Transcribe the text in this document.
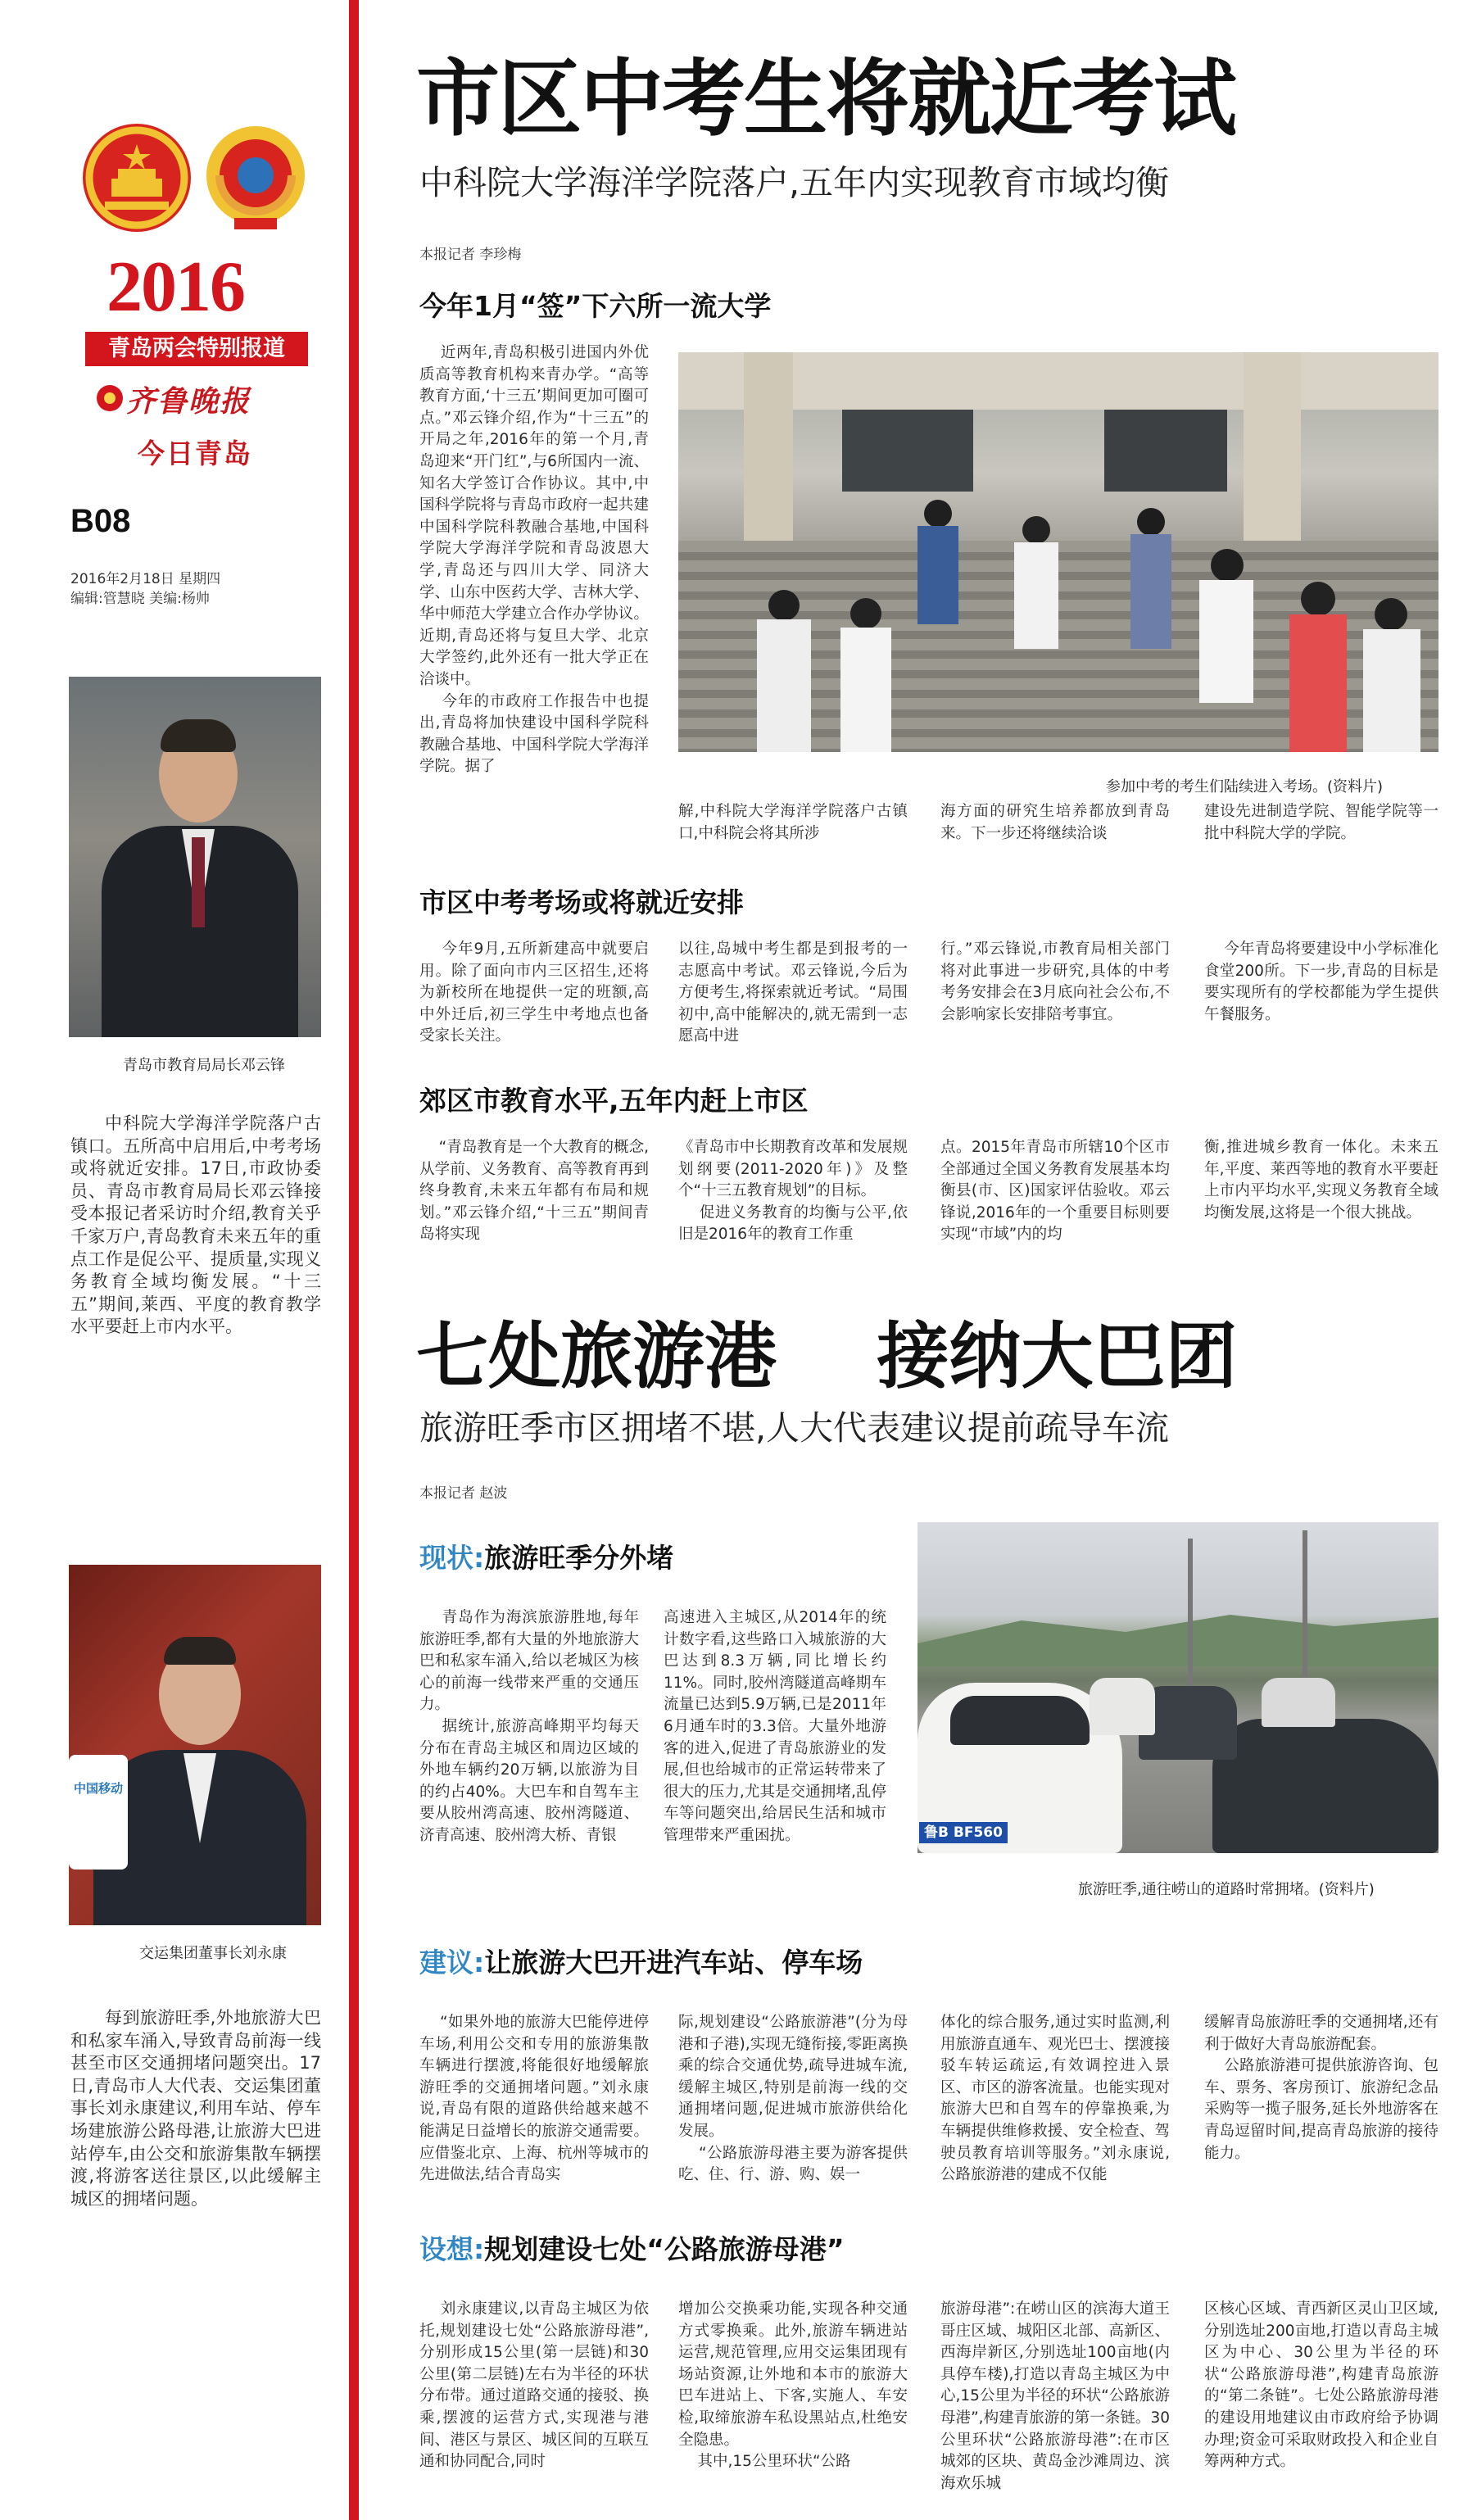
2016
青岛两会特别报道
齐鲁晚报
今日青岛
B08
2016年2月18日 星期四
编辑:管慧晓 美编:杨帅
青岛市教育局局长邓云锋
中科院大学海洋学院落户古镇口。五所高中启用后,中考考场或将就近安排。17日,市政协委员、青岛市教育局局长邓云锋接受本报记者采访时介绍,教育关乎千家万户,青岛教育未来五年的重点工作是促公平、提质量,实现义务教育全域均衡发展。“十三五”期间,莱西、平度的教育教学水平要赶上市内水平。
中国移动
交运集团董事长刘永康
每到旅游旺季,外地旅游大巴和私家车涌入,导致青岛前海一线甚至市区交通拥堵问题突出。17日,青岛市人大代表、交运集团董事长刘永康建议,利用车站、停车场建旅游公路母港,让旅游大巴进站停车,由公交和旅游集散车辆摆渡,将游客送往景区,以此缓解主城区的拥堵问题。
市区中考生将就近考试
中科院大学海洋学院落户,五年内实现教育市域均衡
本报记者 李珍梅
今年1月“签”下六所一流大学
近两年,青岛积极引进国内外优质高等教育机构来青办学。“高等教育方面,‘十三五’期间更加可圈可点。”邓云锋介绍,作为“十三五”的开局之年,2016年的第一个月,青岛迎来“开门红”,与6所国内一流、知名大学签订合作协议。其中,中国科学院将与青岛市政府一起共建中国科学院科教融合基地,中国科学院大学海洋学院和青岛波恩大学,青岛还与四川大学、同济大学、山东中医药大学、吉林大学、华中师范大学建立合作办学协议。近期,青岛还将与复旦大学、北京大学签约,此外还有一批大学正在洽谈中。
今年的市政府工作报告中也提出,青岛将加快建设中国科学院科教融合基地、中国科学院大学海洋学院。据了
参加中考的考生们陆续进入考场。(资料片)
解,中科院大学海洋学院落户古镇口,中科院会将其所涉
海方面的研究生培养都放到青岛来。下一步还将继续洽谈
建设先进制造学院、智能学院等一批中科院大学的学院。
市区中考考场或将就近安排
今年9月,五所新建高中就要启用。除了面向市内三区招生,还将为新校所在地提供一定的班额,高中外迁后,初三学生中考地点也备受家长关注。
以往,岛城中考生都是到报考的一志愿高中考试。邓云锋说,今后为方便考生,将探索就近考试。“局围初中,高中能解决的,就无需到一志愿高中进
行。”邓云锋说,市教育局相关部门将对此事进一步研究,具体的中考考务安排会在3月底向社会公布,不会影响家长安排陪考事宜。
今年青岛将要建设中小学标准化食堂200所。下一步,青岛的目标是要实现所有的学校都能为学生提供午餐服务。
郊区市教育水平,五年内赶上市区
“青岛教育是一个大教育的概念,从学前、义务教育、高等教育再到终身教育,未来五年都有布局和规划。”邓云锋介绍,“十三五”期间青岛将实现
《青岛市中长期教育改革和发展规划纲要(2011-2020年)》及整个“十三五教育规划”的目标。
促进义务教育的均衡与公平,依旧是2016年的教育工作重
点。2015年青岛市所辖10个区市全部通过全国义务教育发展基本均衡县(市、区)国家评估验收。邓云锋说,2016年的一个重要目标则要实现“市域”内的均
衡,推进城乡教育一体化。未来五年,平度、莱西等地的教育水平要赶上市内平均水平,实现义务教育全域均衡发展,这将是一个很大挑战。
七处旅游港    接纳大巴团
旅游旺季市区拥堵不堪,人大代表建议提前疏导车流
本报记者 赵波
现状:旅游旺季分外堵
青岛作为海滨旅游胜地,每年旅游旺季,都有大量的外地旅游大巴和私家车涌入,给以老城区为核心的前海一线带来严重的交通压力。
据统计,旅游高峰期平均每天分布在青岛主城区和周边区域的外地车辆约20万辆,以旅游为目的约占40%。大巴车和自驾车主要从胶州湾高速、胶州湾隧道、济青高速、胶州湾大桥、青银
高速进入主城区,从2014年的统计数字看,这些路口入城旅游的大巴达到8.3万辆,同比增长约11%。同时,胶州湾隧道高峰期车流量已达到5.9万辆,已是2011年6月通车时的3.3倍。大量外地游客的进入,促进了青岛旅游业的发展,但也给城市的正常运转带来了很大的压力,尤其是交通拥堵,乱停车等问题突出,给居民生活和城市管理带来严重困扰。	鲁B BF560
旅游旺季,通往崂山的道路时常拥堵。(资料片)
建议:让旅游大巴开进汽车站、停车场
“如果外地的旅游大巴能停进停车场,利用公交和专用的旅游集散车辆进行摆渡,将能很好地缓解旅游旺季的交通拥堵问题。”刘永康说,青岛有限的道路供给越来越不能满足日益增长的旅游交通需要。应借鉴北京、上海、杭州等城市的先进做法,结合青岛实
际,规划建设“公路旅游港”(分为母港和子港),实现无缝衔接,零距离换乘的综合交通优势,疏导进城车流,缓解主城区,特别是前海一线的交通拥堵问题,促进城市旅游供给化发展。
“公路旅游母港主要为游客提供吃、住、行、游、购、娱一
体化的综合服务,通过实时监测,利用旅游直通车、观光巴士、摆渡接驳车转运疏运,有效调控进入景区、市区的游客流量。也能实现对旅游大巴和自驾车的停靠换乘,为车辆提供维修救援、安全检查、驾驶员教育培训等服务。”刘永康说,公路旅游港的建成不仅能
缓解青岛旅游旺季的交通拥堵,还有利于做好大青岛旅游配套。
公路旅游港可提供旅游咨询、包车、票务、客房预订、旅游纪念品采购等一揽子服务,延长外地游客在青岛逗留时间,提高青岛旅游的接待能力。
设想:规划建设七处“公路旅游母港”
刘永康建议,以青岛主城区为依托,规划建设七处“公路旅游母港”,分别形成15公里(第一层链)和30公里(第二层链)左右为半径的环状分布带。通过道路交通的接驳、换乘,摆渡的运营方式,实现港与港间、港区与景区、城区间的互联互通和协同配合,同时
增加公交换乘功能,实现各种交通方式零换乘。此外,旅游车辆进站运营,规范管理,应用交运集团现有场站资源,让外地和本市的旅游大巴车进站上、下客,实施人、车安检,取缔旅游车私设黑站点,杜绝安全隐患。
其中,15公里环状“公路
旅游母港”:在崂山区的滨海大道王哥庄区域、城阳区北部、高新区、西海岸新区,分别选址100亩地(内具停车楼),打造以青岛主城区为中心,15公里为半径的环状“公路旅游母港”,构建青旅游的第一条链。30公里环状“公路旅游母港”:在市区城郊的区块、黄岛金沙滩周边、滨海欢乐城
区核心区域、青西新区灵山卫区域,分别选址200亩地,打造以青岛主城区为中心、30公里为半径的环状“公路旅游母港”,构建青岛旅游的“第二条链”。七处公路旅游母港的建设用地建议由市政府给予协调办理;资金可采取财政投入和企业自筹两种方式。
